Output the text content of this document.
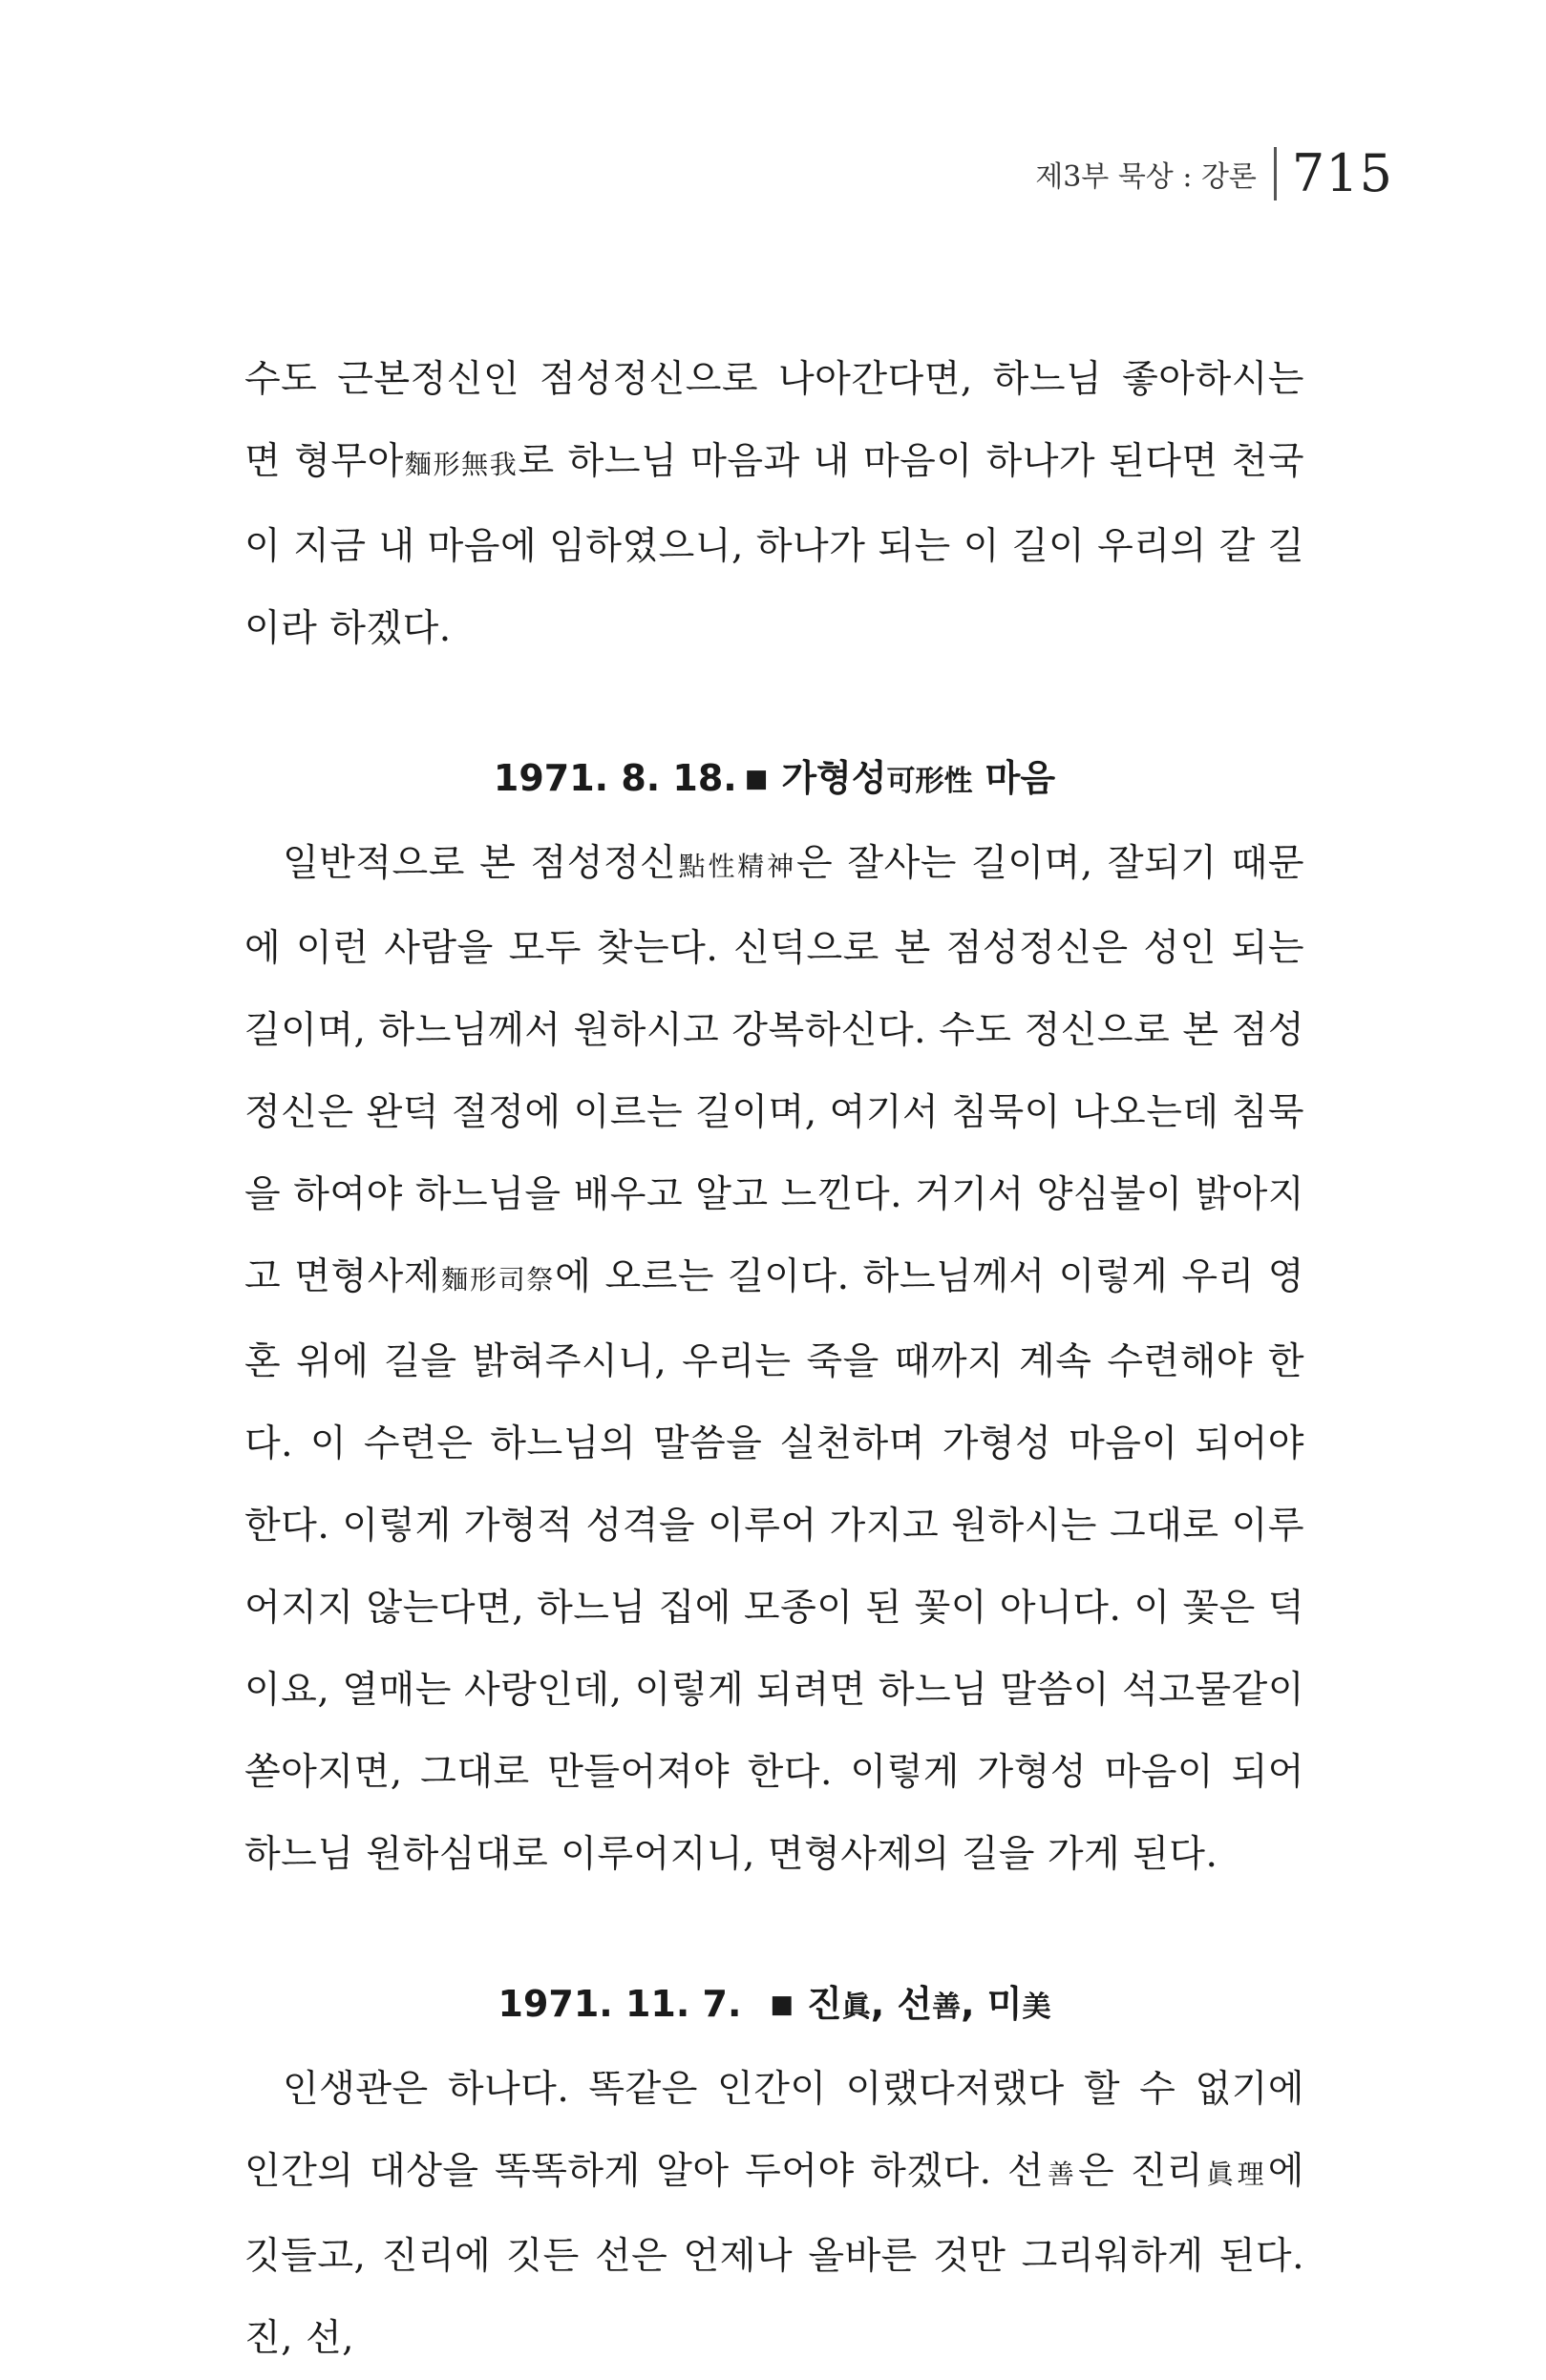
제3부 묵상 : 강론 715

수도 근본정신인 점성정신으로 나아간다면, 하느님 좋아하시는 면 형무아麵形無我로 하느님 마음과 내 마음이 하나가 된다면 천국이 지금 내 마음에 임하였으니, 하나가 되는 이 길이 우리의 갈 길이라 하겠다.

1971. 8. 18. ■ 가형성可形性 마음

일반적으로 본 점성정신點性精神은 잘사는 길이며, 잘되기 때문에 이런 사람을 모두 찾는다. 신덕으로 본 점성정신은 성인 되는 길이며, 하느님께서 원하시고 강복하신다. 수도 정신으로 본 점성정신은 완덕 절정에 이르는 길이며, 여기서 침묵이 나오는데 침묵을 하여야 하느님을 배우고 알고 느낀다. 거기서 양심불이 밝아지고 면형사제麵形司祭에 오르는 길이다. 하느님께서 이렇게 우리 영혼 위에 길을 밝혀주시니, 우리는 죽을 때까지 계속 수련해야 한다. 이 수련은 하느님의 말씀을 실천하며 가형성 마음이 되어야 한다. 이렇게 가형적 성격을 이루어 가지고 원하시는 그대로 이루어지지 않는다면, 하느님 집에 모종이 된 꽃이 아니다. 이 꽃은 덕이요, 열매는 사랑인데, 이렇게 되려면 하느님 말씀이 석고물같이 쏟아지면, 그대로 만들어져야 한다. 이렇게 가형성 마음이 되어 하느님 원하심대로 이루어지니, 면형사제의 길을 가게 된다.

1971. 11. 7. ■ 진眞, 선善, 미美

인생관은 하나다. 똑같은 인간이 이랬다저랬다 할 수 없기에 인간의 대상을 똑똑하게 알아 두어야 하겠다. 선善은 진리眞理에 깃들고, 진리에 깃든 선은 언제나 올바른 것만 그리워하게 된다. 진, 선,
